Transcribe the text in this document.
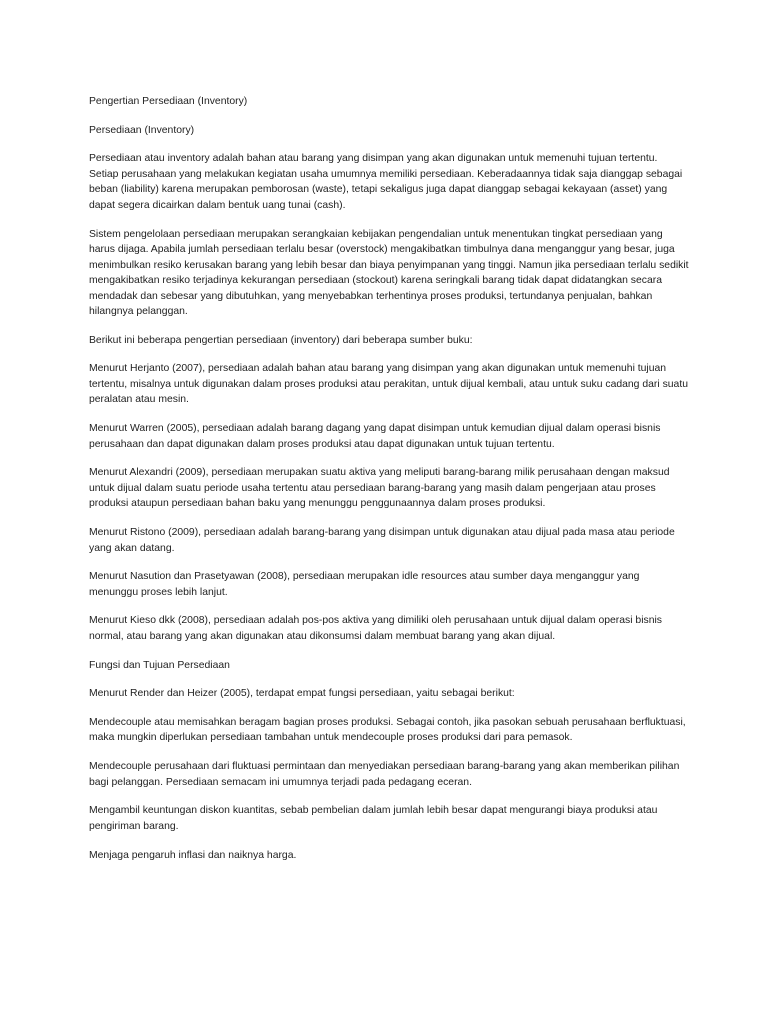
Pengertian Persediaan (Inventory)

Persediaan (Inventory)

Persediaan atau inventory adalah bahan atau barang yang disimpan yang akan digunakan untuk memenuhi tujuan tertentu. Setiap perusahaan yang melakukan kegiatan usaha umumnya memiliki persediaan. Keberadaannya tidak saja dianggap sebagai beban (liability) karena merupakan pemborosan (waste), tetapi sekaligus juga dapat dianggap sebagai kekayaan (asset) yang dapat segera dicairkan dalam bentuk uang tunai (cash).

Sistem pengelolaan persediaan merupakan serangkaian kebijakan pengendalian untuk menentukan tingkat persediaan yang harus dijaga. Apabila jumlah persediaan terlalu besar (overstock) mengakibatkan timbulnya dana menganggur yang besar, juga menimbulkan resiko kerusakan barang yang lebih besar dan biaya penyimpanan yang tinggi. Namun jika persediaan terlalu sedikit mengakibatkan resiko terjadinya kekurangan persediaan (stockout) karena seringkali barang tidak dapat didatangkan secara mendadak dan sebesar yang dibutuhkan, yang menyebabkan terhentinya proses produksi, tertundanya penjualan, bahkan hilangnya pelanggan.

Berikut ini beberapa pengertian persediaan (inventory) dari beberapa sumber buku:

Menurut Herjanto (2007), persediaan adalah bahan atau barang yang disimpan yang akan digunakan untuk memenuhi tujuan tertentu, misalnya untuk digunakan dalam proses produksi atau perakitan, untuk dijual kembali, atau untuk suku cadang dari suatu peralatan atau mesin.

Menurut Warren (2005), persediaan adalah barang dagang yang dapat disimpan untuk kemudian dijual dalam operasi bisnis perusahaan dan dapat digunakan dalam proses produksi atau dapat digunakan untuk tujuan tertentu.

Menurut Alexandri (2009), persediaan merupakan suatu aktiva yang meliputi barang-barang milik perusahaan dengan maksud untuk dijual dalam suatu periode usaha tertentu atau persediaan barang-barang yang masih dalam pengerjaan atau proses produksi ataupun persediaan bahan baku yang menunggu penggunaannya dalam proses produksi.

Menurut Ristono (2009), persediaan adalah barang-barang yang disimpan untuk digunakan atau dijual pada masa atau periode yang akan datang.

Menurut Nasution dan Prasetyawan (2008), persediaan merupakan idle resources atau sumber daya menganggur yang menunggu proses lebih lanjut.

Menurut Kieso dkk (2008), persediaan adalah pos-pos aktiva yang dimiliki oleh perusahaan untuk dijual dalam operasi bisnis normal, atau barang yang akan digunakan atau dikonsumsi dalam membuat barang yang akan dijual.

Fungsi dan Tujuan Persediaan

Menurut Render dan Heizer (2005), terdapat empat fungsi persediaan, yaitu sebagai berikut:

Mendecouple atau memisahkan beragam bagian proses produksi. Sebagai contoh, jika pasokan sebuah perusahaan berfluktuasi, maka mungkin diperlukan persediaan tambahan untuk mendecouple proses produksi dari para pemasok.

Mendecouple perusahaan dari fluktuasi permintaan dan menyediakan persediaan barang-barang yang akan memberikan pilihan bagi pelanggan. Persediaan semacam ini umumnya terjadi pada pedagang eceran.

Mengambil keuntungan diskon kuantitas, sebab pembelian dalam jumlah lebih besar dapat mengurangi biaya produksi atau pengiriman barang.

Menjaga pengaruh inflasi dan naiknya harga.
